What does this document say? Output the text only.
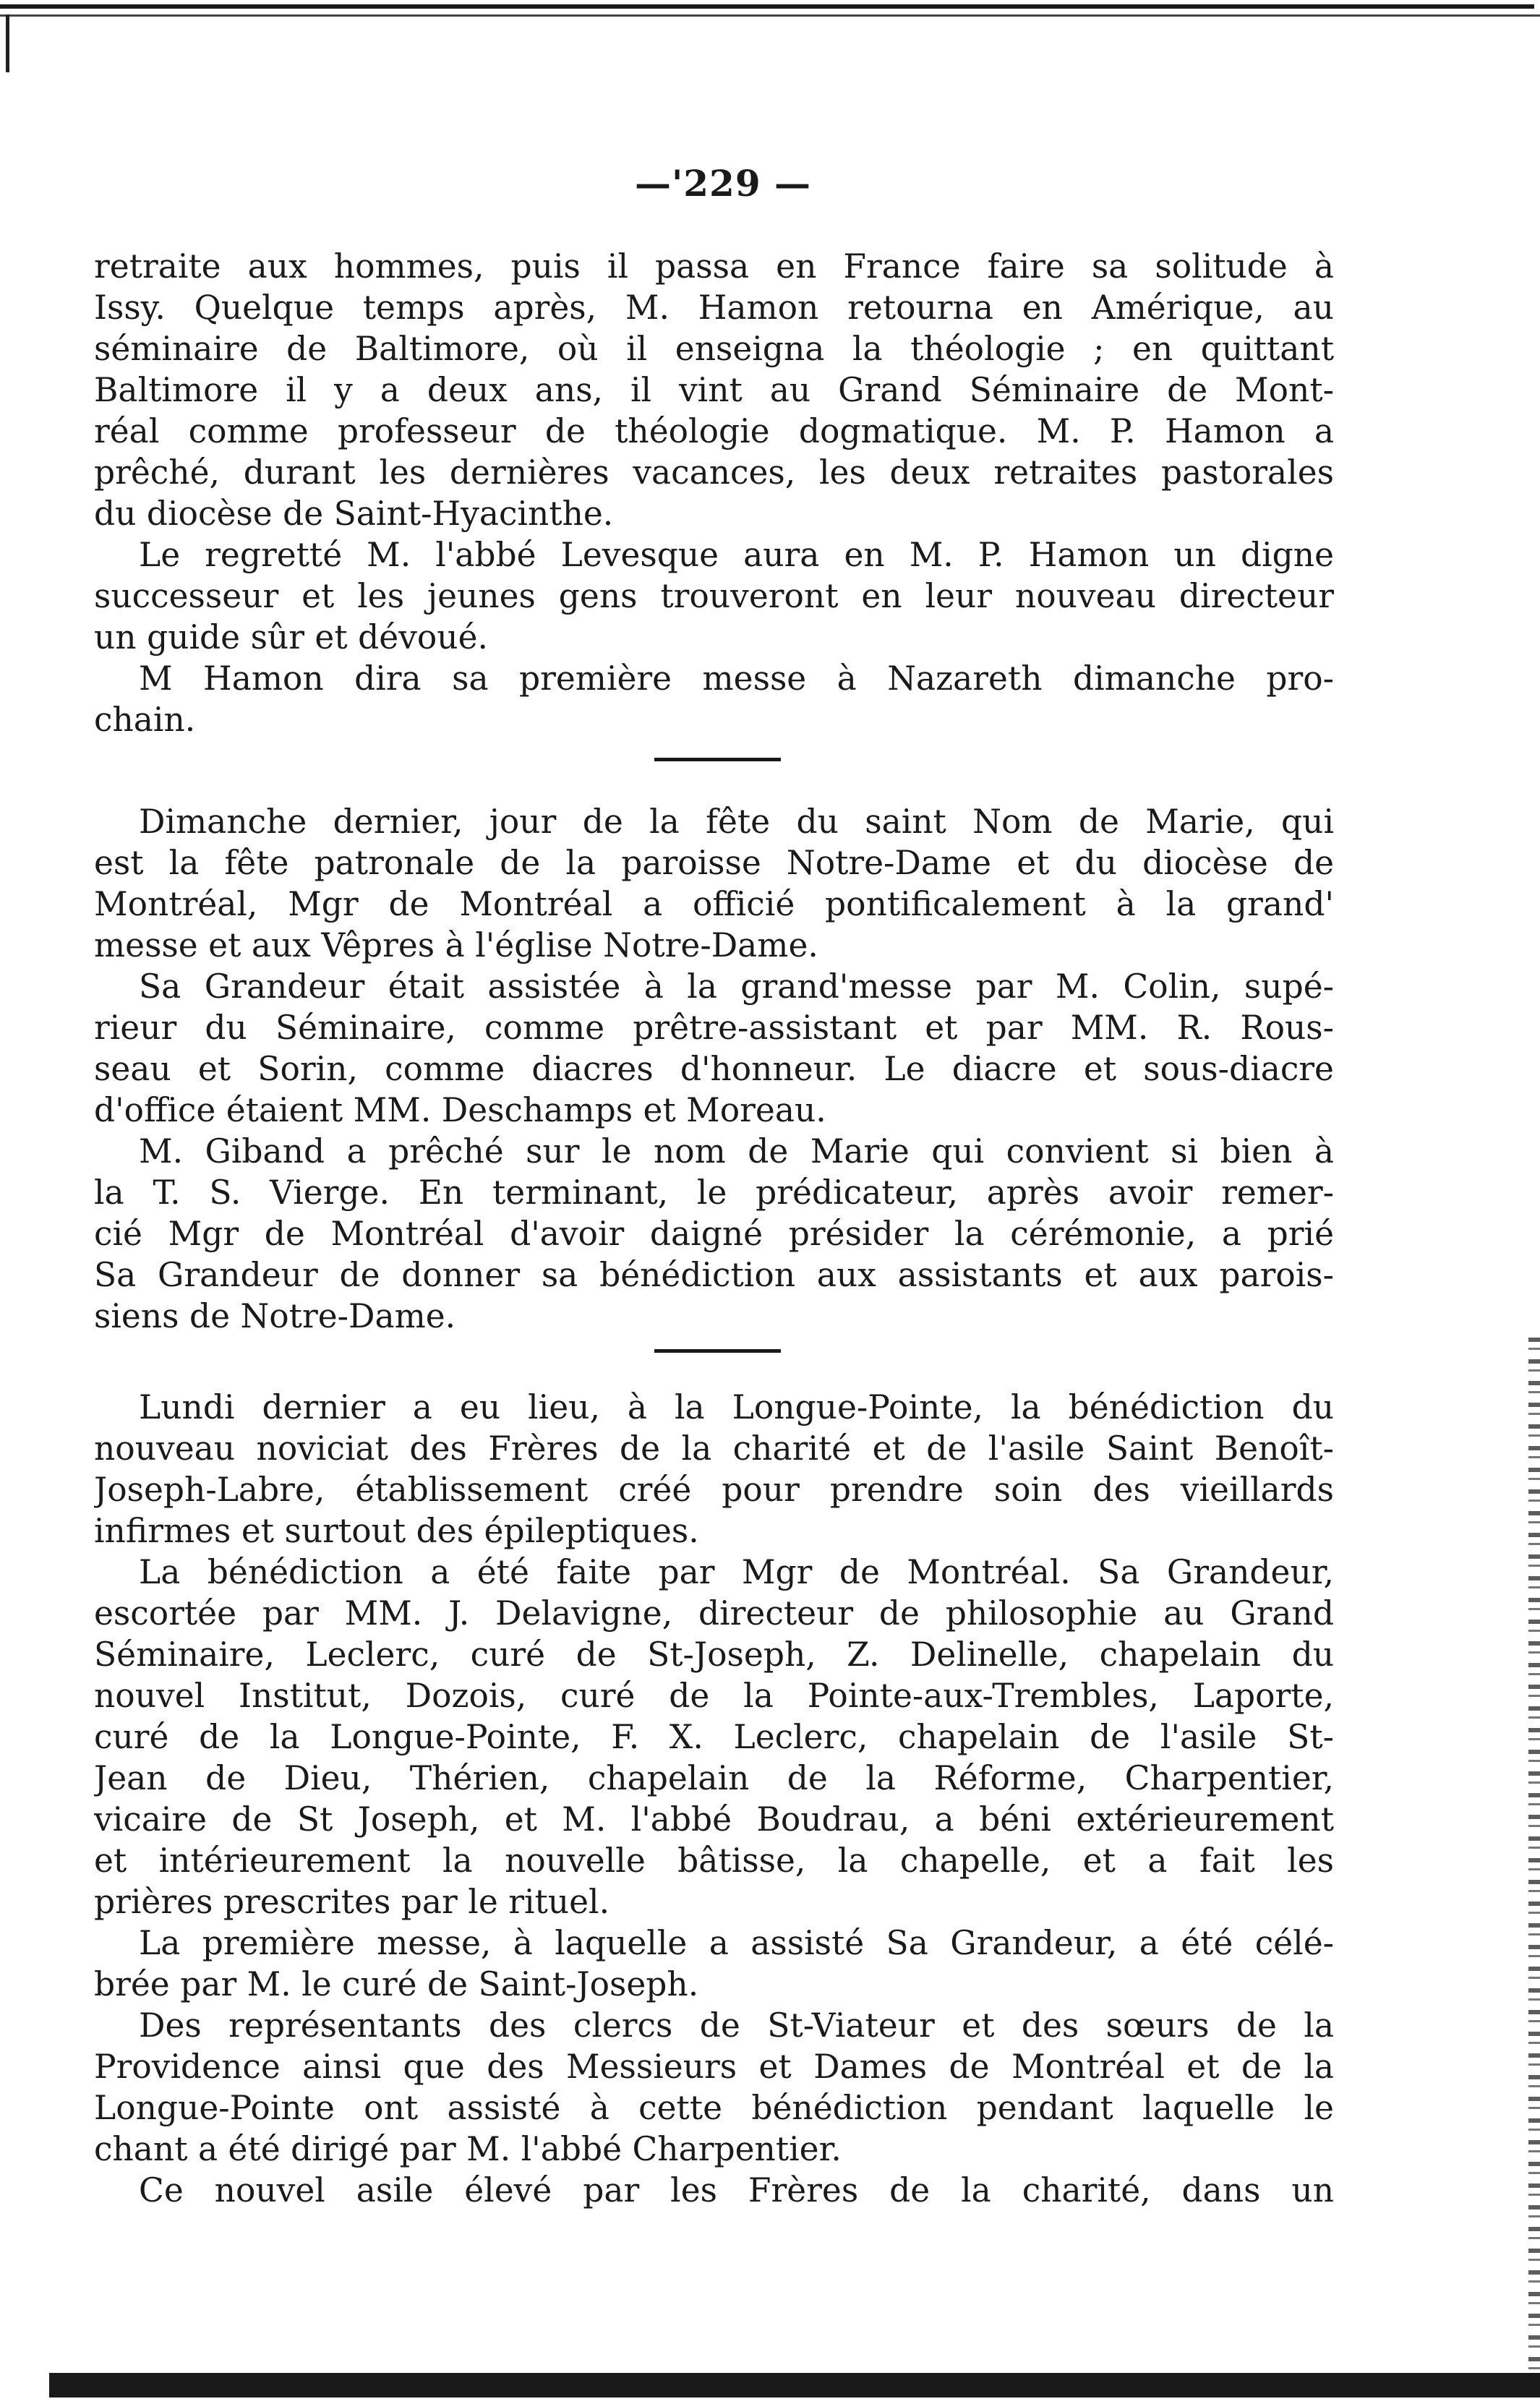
—'229 —
retraite aux hommes, puis il passa en France faire sa solitude à
Issy. Quelque temps après, M. Hamon retourna en Amérique, au
séminaire de Baltimore, où il enseigna la théologie ; en quittant
Baltimore il y a deux ans, il vint au Grand Séminaire de Mont-
réal comme professeur de théologie dogmatique. M. P. Hamon a
prêché, durant les dernières vacances, les deux retraites pastorales
du diocèse de Saint-Hyacinthe.
Le regretté M. l'abbé Levesque aura en M. P. Hamon un digne
successeur et les jeunes gens trouveront en leur nouveau directeur
un guide sûr et dévoué.
M Hamon dira sa première messe à Nazareth dimanche pro-
chain.
Dimanche dernier, jour de la fête du saint Nom de Marie, qui
est la fête patronale de la paroisse Notre-Dame et du diocèse de
Montréal, Mgr de Montréal a officié pontificalement à la grand'
messe et aux Vêpres à l'église Notre-Dame.
Sa Grandeur était assistée à la grand'messe par M. Colin, supé-
rieur du Séminaire, comme prêtre-assistant et par MM. R. Rous-
seau et Sorin, comme diacres d'honneur. Le diacre et sous-diacre
d'office étaient MM. Deschamps et Moreau.
M. Giband a prêché sur le nom de Marie qui convient si bien à
la T. S. Vierge. En terminant, le prédicateur, après avoir remer-
cié Mgr de Montréal d'avoir daigné présider la cérémonie, a prié
Sa Grandeur de donner sa bénédiction aux assistants et aux parois-
siens de Notre-Dame.
Lundi dernier a eu lieu, à la Longue-Pointe, la bénédiction du
nouveau noviciat des Frères de la charité et de l'asile Saint Benoît-
Joseph-Labre, établissement créé pour prendre soin des vieillards
infirmes et surtout des épileptiques.
La bénédiction a été faite par Mgr de Montréal. Sa Grandeur,
escortée par MM. J. Delavigne, directeur de philosophie au Grand
Séminaire, Leclerc, curé de St-Joseph, Z. Delinelle, chapelain du
nouvel Institut, Dozois, curé de la Pointe-aux-Trembles, Laporte,
curé de la Longue-Pointe, F. X. Leclerc, chapelain de l'asile St-
Jean de Dieu, Thérien, chapelain de la Réforme, Charpentier,
vicaire de St Joseph, et M. l'abbé Boudrau, a béni extérieurement
et intérieurement la nouvelle bâtisse, la chapelle, et a fait les
prières prescrites par le rituel.
La première messe, à laquelle a assisté Sa Grandeur, a été célé-
brée par M. le curé de Saint-Joseph.
Des représentants des clercs de St-Viateur et des sœurs de la
Providence ainsi que des Messieurs et Dames de Montréal et de la
Longue-Pointe ont assisté à cette bénédiction pendant laquelle le
chant a été dirigé par M. l'abbé Charpentier.
Ce nouvel asile élevé par les Frères de la charité, dans un
